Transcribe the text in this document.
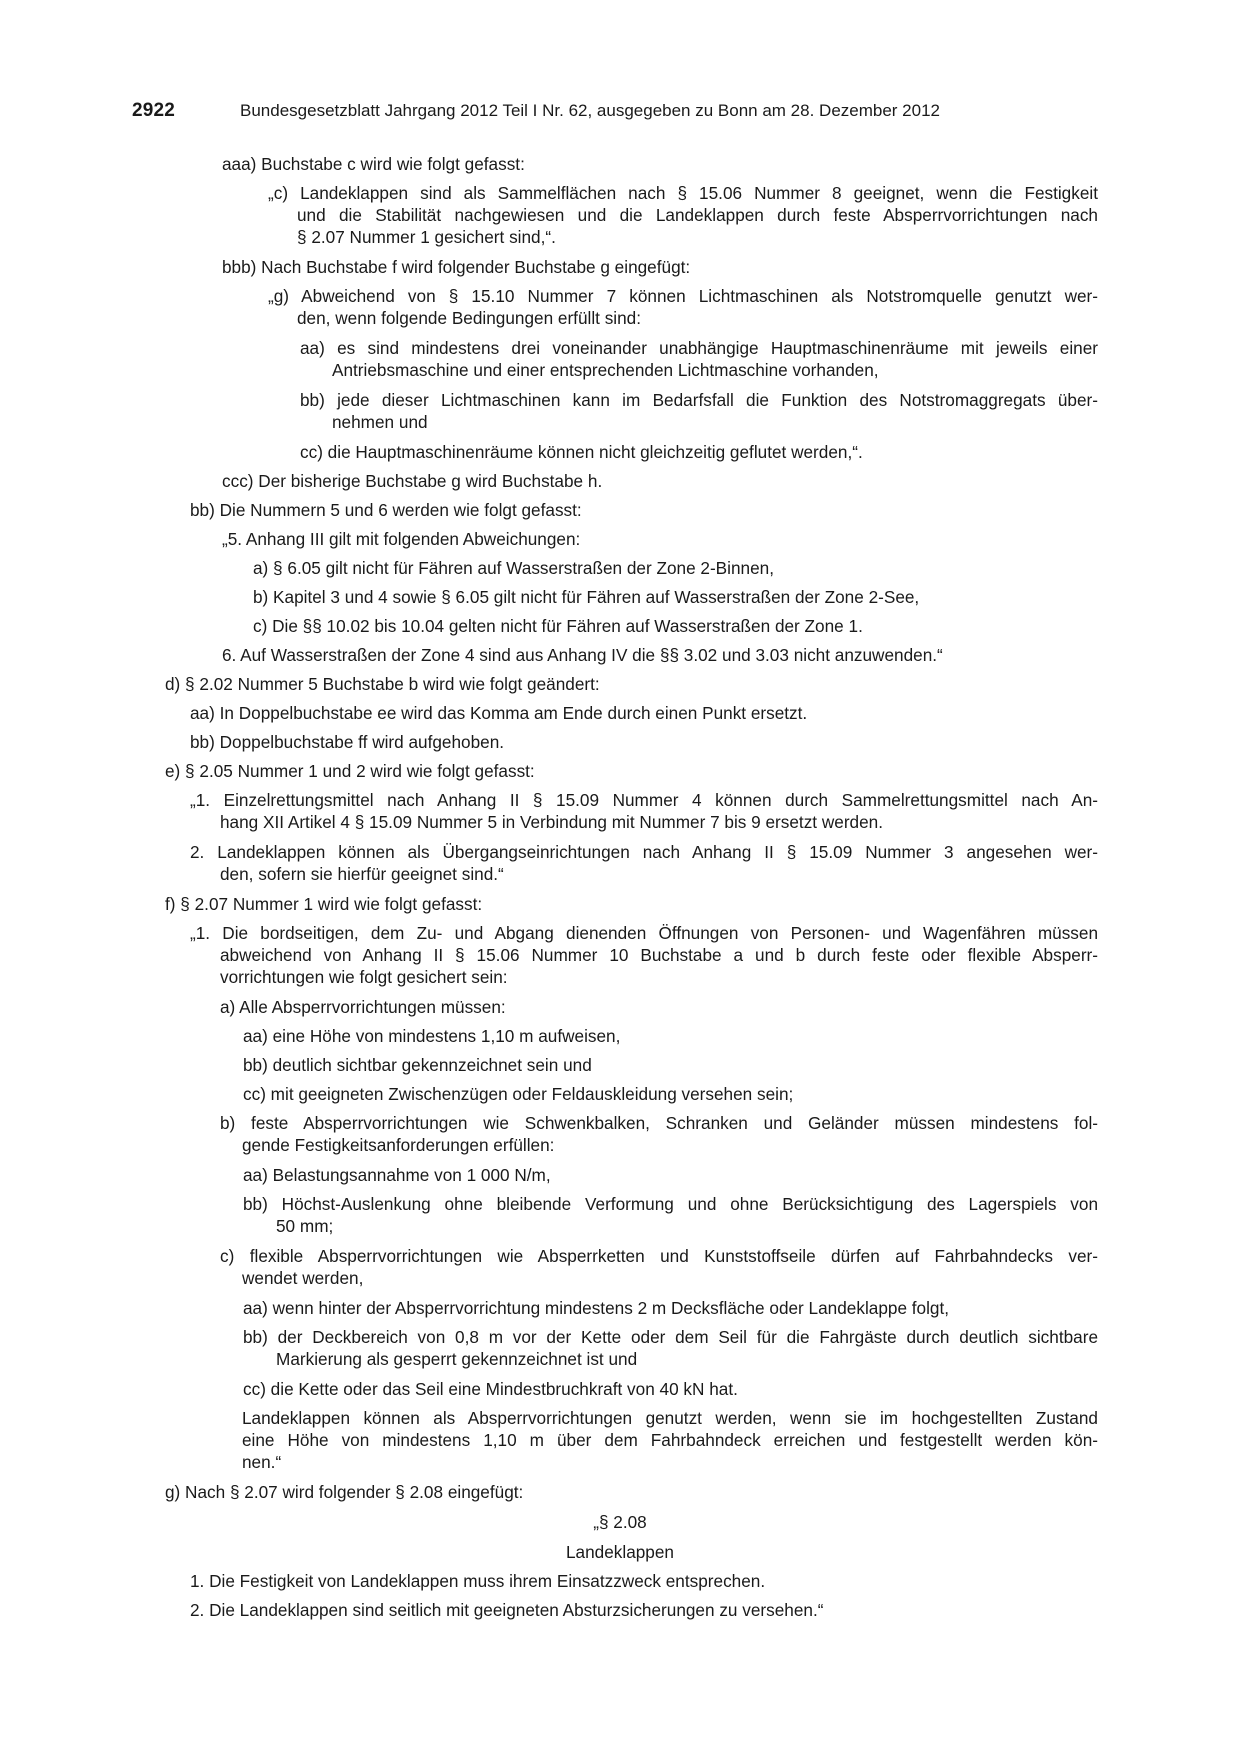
2922	Bundesgesetzblatt Jahrgang 2012 Teil I Nr. 62, ausgegeben zu Bonn am 28. Dezember 2012
aaa) Buchstabe c wird wie folgt gefasst:
„c) Landeklappen sind als Sammelflächen nach § 15.06 Nummer 8 geeignet, wenn die Festigkeit
und die Stabilität nachgewiesen und die Landeklappen durch feste Absperrvorrichtungen nach
§ 2.07 Nummer 1 gesichert sind,“.
bbb) Nach Buchstabe f wird folgender Buchstabe g eingefügt:
„g) Abweichend von § 15.10 Nummer 7 können Lichtmaschinen als Notstromquelle genutzt wer-
den, wenn folgende Bedingungen erfüllt sind:
aa) es sind mindestens drei voneinander unabhängige Hauptmaschinenräume mit jeweils einer
Antriebsmaschine und einer entsprechenden Lichtmaschine vorhanden,
bb) jede dieser Lichtmaschinen kann im Bedarfsfall die Funktion des Notstromaggregats über-
nehmen und
cc) die Hauptmaschinenräume können nicht gleichzeitig geflutet werden,“.
ccc) Der bisherige Buchstabe g wird Buchstabe h.
bb) Die Nummern 5 und 6 werden wie folgt gefasst:
„5. Anhang III gilt mit folgenden Abweichungen:
a) § 6.05 gilt nicht für Fähren auf Wasserstraßen der Zone 2-Binnen,
b) Kapitel 3 und 4 sowie § 6.05 gilt nicht für Fähren auf Wasserstraßen der Zone 2-See,
c) Die §§ 10.02 bis 10.04 gelten nicht für Fähren auf Wasserstraßen der Zone 1.
6. Auf Wasserstraßen der Zone 4 sind aus Anhang IV die §§ 3.02 und 3.03 nicht anzuwenden.“
d) § 2.02 Nummer 5 Buchstabe b wird wie folgt geändert:
aa) In Doppelbuchstabe ee wird das Komma am Ende durch einen Punkt ersetzt.
bb) Doppelbuchstabe ff wird aufgehoben.
e) § 2.05 Nummer 1 und 2 wird wie folgt gefasst:
„1. Einzelrettungsmittel nach Anhang II § 15.09 Nummer 4 können durch Sammelrettungsmittel nach An-
hang XII Artikel 4 § 15.09 Nummer 5 in Verbindung mit Nummer 7 bis 9 ersetzt werden.
2. Landeklappen können als Übergangseinrichtungen nach Anhang II § 15.09 Nummer 3 angesehen wer-
den, sofern sie hierfür geeignet sind.“
f) § 2.07 Nummer 1 wird wie folgt gefasst:
„1. Die bordseitigen, dem Zu- und Abgang dienenden Öffnungen von Personen- und Wagenfähren müssen
abweichend von Anhang II § 15.06 Nummer 10 Buchstabe a und b durch feste oder flexible Absperr-
vorrichtungen wie folgt gesichert sein:
a) Alle Absperrvorrichtungen müssen:
aa) eine Höhe von mindestens 1,10 m aufweisen,
bb) deutlich sichtbar gekennzeichnet sein und
cc) mit geeigneten Zwischenzügen oder Feldauskleidung versehen sein;
b) feste Absperrvorrichtungen wie Schwenkbalken, Schranken und Geländer müssen mindestens fol-
gende Festigkeitsanforderungen erfüllen:
aa) Belastungsannahme von 1 000 N/m,
bb) Höchst-Auslenkung ohne bleibende Verformung und ohne Berücksichtigung des Lagerspiels von
50 mm;
c) flexible Absperrvorrichtungen wie Absperrketten und Kunststoffseile dürfen auf Fahrbahndecks ver-
wendet werden,
aa) wenn hinter der Absperrvorrichtung mindestens 2 m Decksfläche oder Landeklappe folgt,
bb) der Deckbereich von 0,8 m vor der Kette oder dem Seil für die Fahrgäste durch deutlich sichtbare
Markierung als gesperrt gekennzeichnet ist und
cc) die Kette oder das Seil eine Mindestbruchkraft von 40 kN hat.
Landeklappen können als Absperrvorrichtungen genutzt werden, wenn sie im hochgestellten Zustand
eine Höhe von mindestens 1,10 m über dem Fahrbahndeck erreichen und festgestellt werden kön-
nen.“
g) Nach § 2.07 wird folgender § 2.08 eingefügt:
„§ 2.08
Landeklappen
1. Die Festigkeit von Landeklappen muss ihrem Einsatzzweck entsprechen.
2. Die Landeklappen sind seitlich mit geeigneten Absturzsicherungen zu versehen.“
